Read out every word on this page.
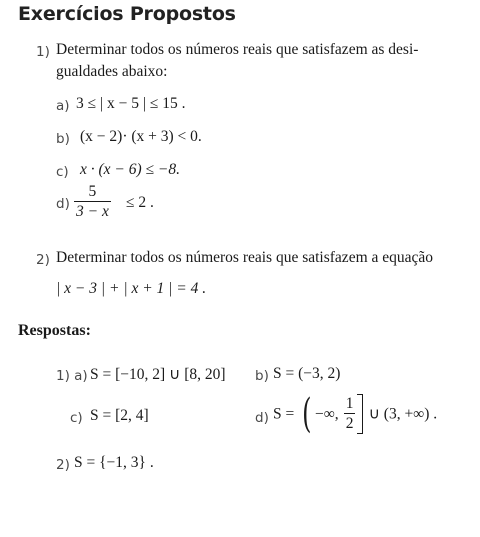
Exercícios Propostos
1) Determinar todos os números reais que satisfazem as desi-
gualdades abaixo:
a) 3 ≤ | x − 5 | ≤ 15 .
b) (x − 2)· (x + 3) < 0.
c) x · (x − 6) ≤ −8.
$d) \frac{5}{3 - x} \le 2$ .
2) Determinar todos os números reais que satisfazem a equação
| x − 3 | + | x + 1 | = 4 .
Respostas:
1) a) S = [−10, 2] ∪ [8, 20] b) S = (−3, 2)
c) S = [2, 4]	d) S = ( −∞, $\frac{1}{2}$ ∪ (3, +∞) .
2) S = {−1, 3} .
